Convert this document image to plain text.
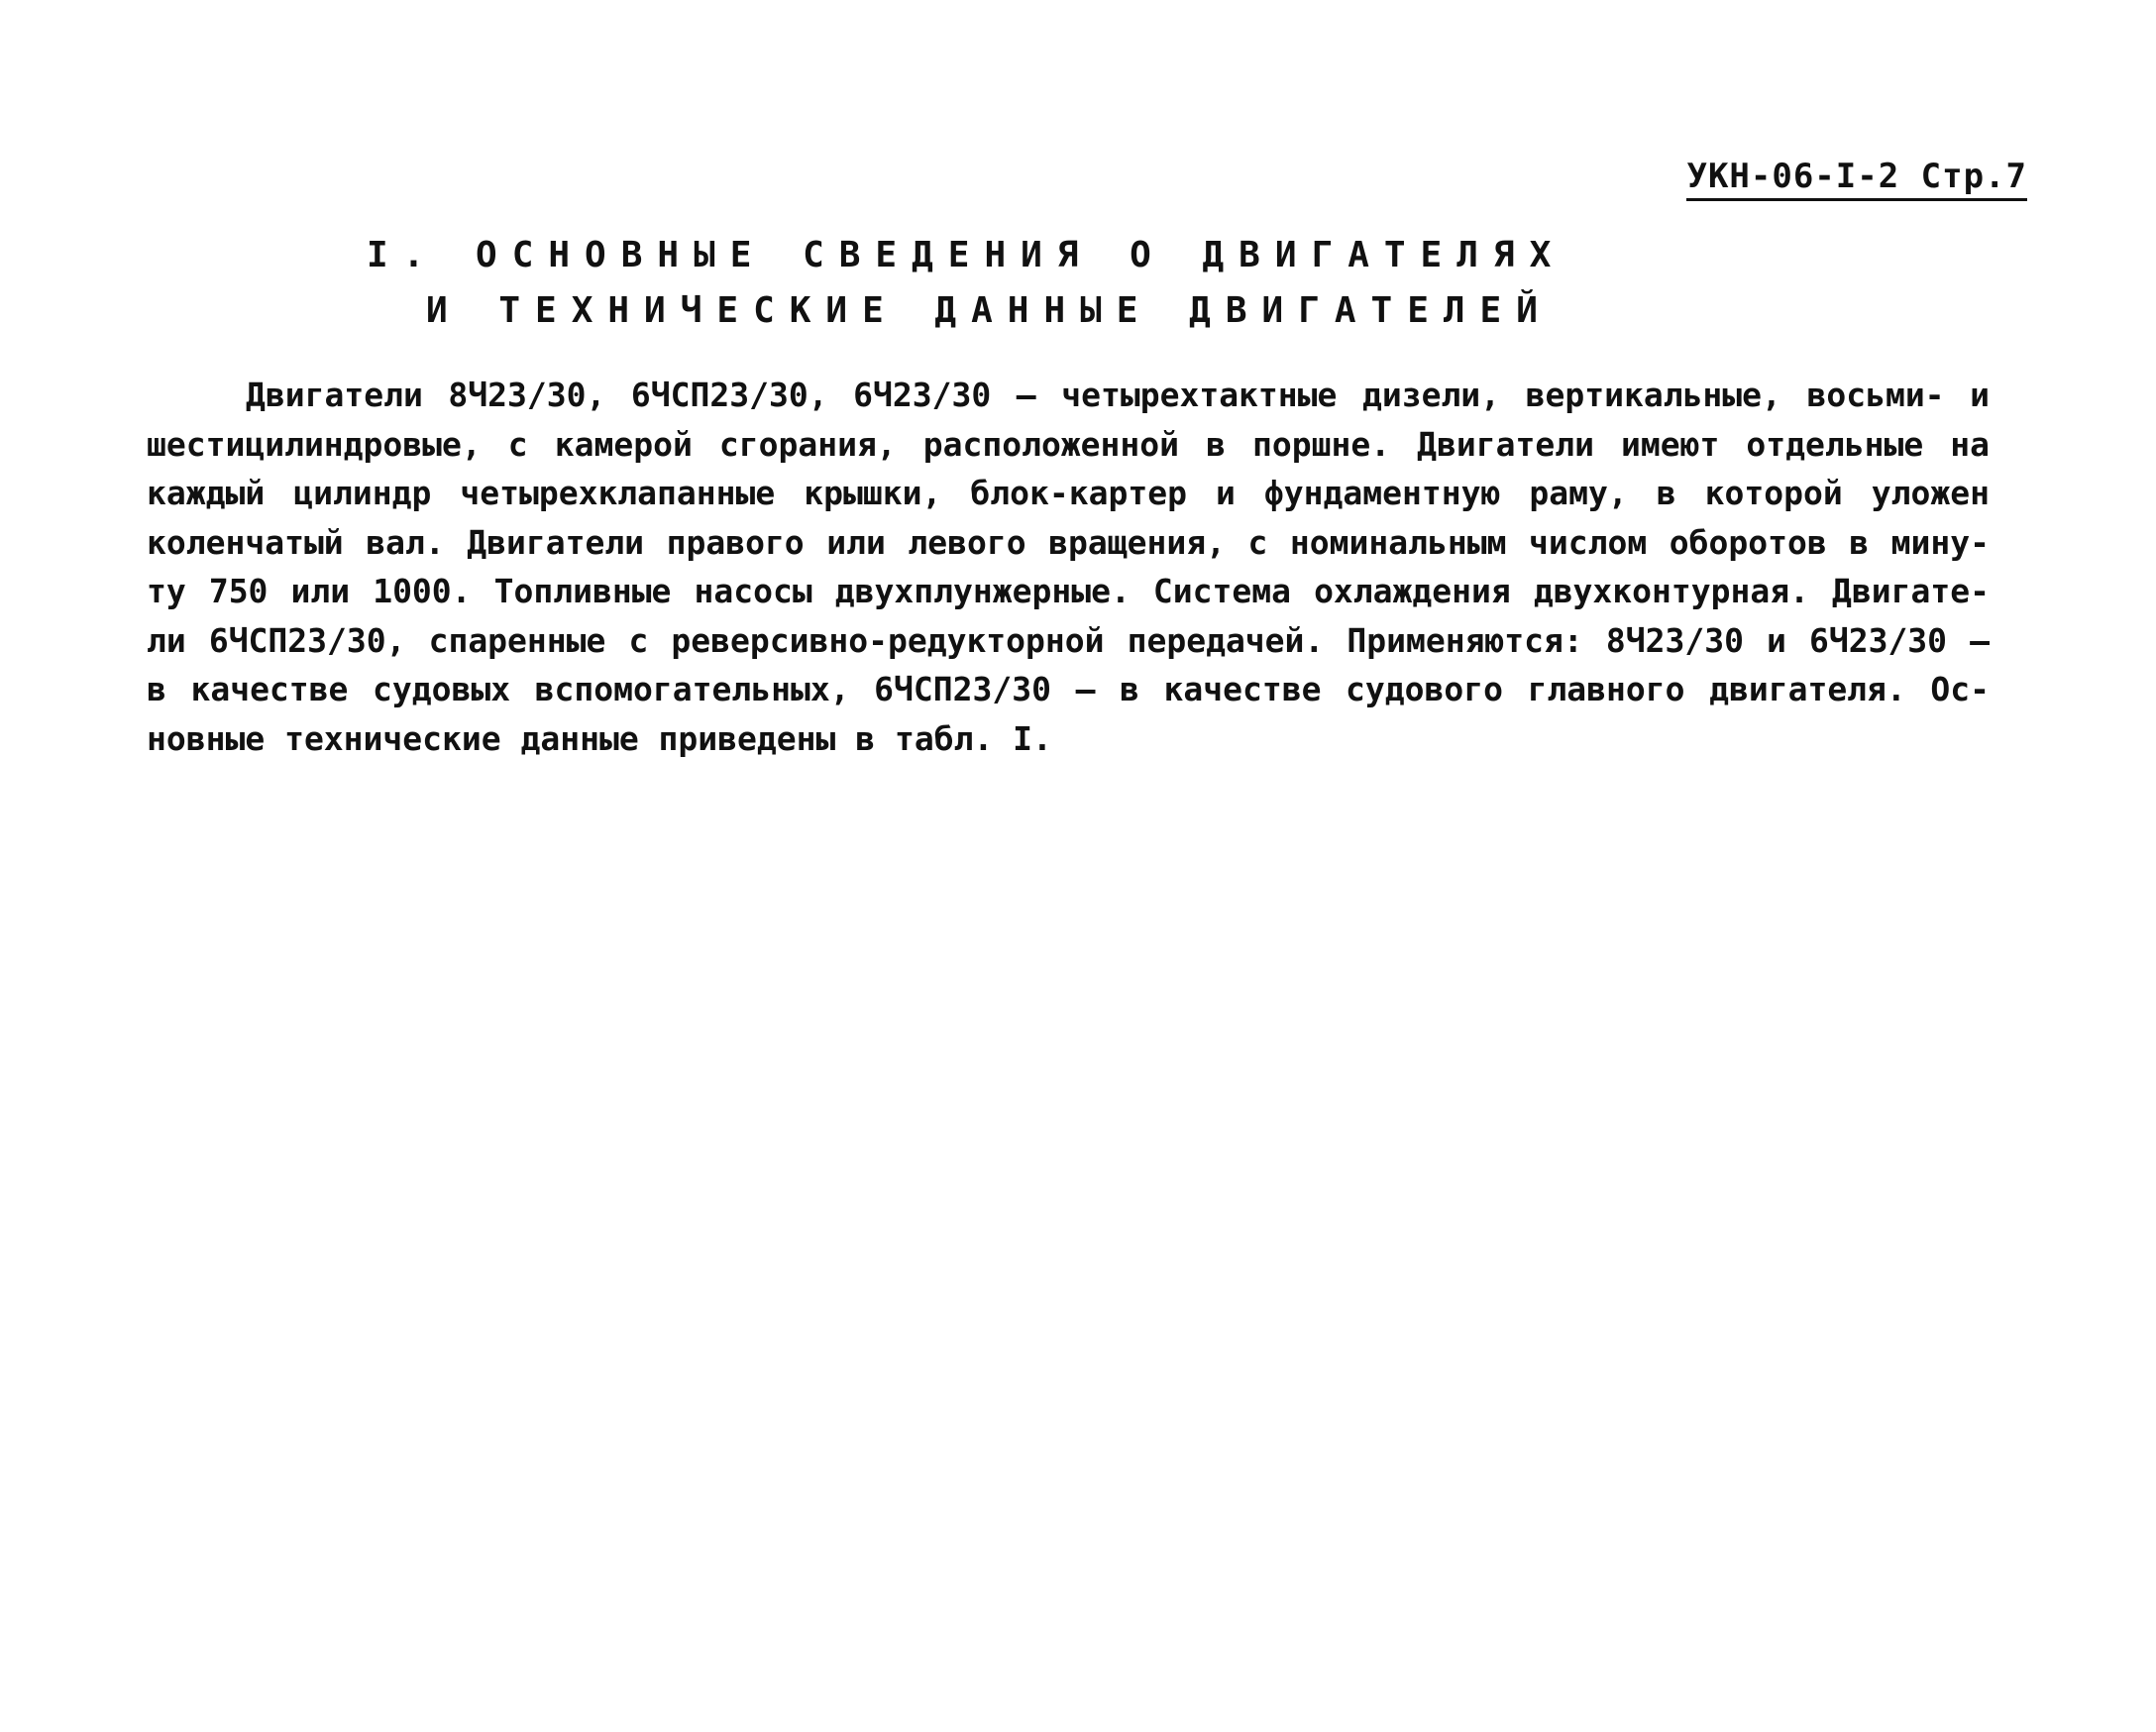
УКН-06-I-2 Стр.7
I. ОСНОВНЫЕ СВЕДЕНИЯ О ДВИГАТЕЛЯХ
И ТЕХНИЧЕСКИЕ ДАННЫЕ ДВИГАТЕЛЕЙ
Двигатели 8Ч23/30, 6ЧСП23/30, 6Ч23/30 – четырехтактные дизели, вертикальные, восьми- и
шестицилиндровые, с камерой сгорания, расположенной в поршне. Двигатели имеют отдельные на
каждый цилиндр четырехклапанные крышки, блок-картер и фундаментную раму, в которой уложен
коленчатый вал. Двигатели правого или левого вращения, с номинальным числом оборотов в мину-
ту 750 или 1000. Топливные насосы двухплунжерные. Система охлаждения двухконтурная. Двигате-
ли 6ЧСП23/30, спаренные с реверсивно-редукторной передачей. Применяются: 8Ч23/30 и 6Ч23/30 –
в качестве судовых вспомогательных, 6ЧСП23/30 – в качестве судового главного двигателя. Ос-
новные технические данные приведены в табл. I.
